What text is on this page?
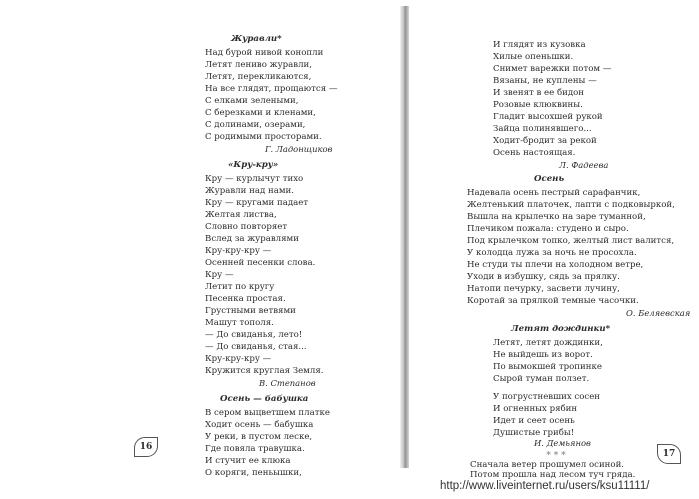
Журавли*
Над бурой нивой конопли
Летят лениво журавли,
Летят, перекликаются,
На все глядят, прощаются —
С елками зелеными,
С березками и кленами,
С долинами, озерами,
С родимыми просторами.
Г. Ладонщиков
«Кру-кру»
Кру — курлычут тихо
Журавли над нами.
Кру — кругами падает
Желтая листва,
Словно повторяет
Вслед за журавлями
Кру-кру-кру —
Осенней песенки слова.
Кру —
Летит по кругу
Песенка простая.
Грустными ветвями
Машут тополя.
— До свиданья, лето!
— До свиданья, стая...
Кру-кру-кру —
Кружится круглая Земля.
В. Степанов
Осень — бабушка
В сером выцветшем платке
Ходит осень — бабушка
У реки, в пустом леске,
Где повяла травушка.
И стучит ее клюка
О коряги, пеньышки,
16
И глядят из кузовка
Хилые опеньшки.
Снимет варежки потом —
Вязаны, не куплены —
И звенят в ее бидон
Розовые клюквины.
Гладит высохшей рукой
Зайца полинявшего...
Ходит-бродит за рекой
Осень настоящая.
Л. Фадеева
Осень
Надевала осень пестрый сарафанчик,
Желтенький платочек, лапти с подковыркой,
Вышла на крылечко на заре туманной,
Плечиком пожала: студено и сыро.
Под крылечком топко, желтый лист валится,
У колодца лужа за ночь не просохла.
Не студи ты плечи на холодном ветре,
Уходи в избушку, сядь за прялку.
Натопи печурку, засвети лучину,
Коротай за прялкой темные часочки.
О. Беляевская
Летят дождинки*
Летят, летят дождинки,
Не выйдешь из ворот.
По вымокшей тропинке
Сырой туман ползет.
У погрустневших сосен
И огненных рябин
Идет и сеет осень
Душистые грибы!
И. Демьянов
* * *
Сначала ветер прошумел осиной.
Потом прошла над лесом туч гряда.
17
http://www.liveinternet.ru/users/ksu11111/
